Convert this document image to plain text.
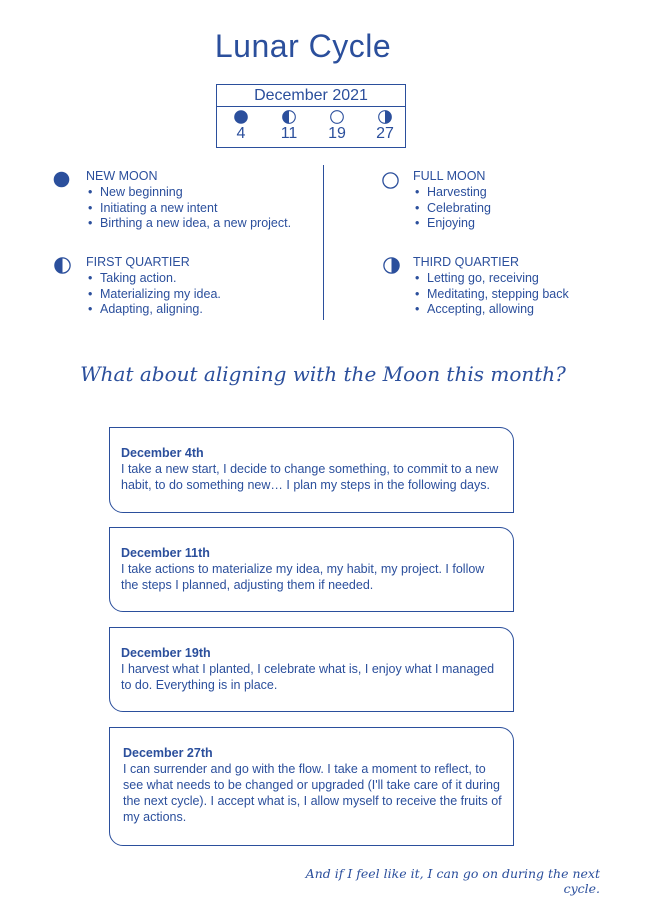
Lunar Cycle
December 2021
4	11	19	27
NEW MOON
• New beginning
• Initiating a new intent
• Birthing a new idea, a new project.
FIRST QUARTIER
• Taking action.
• Materializing my idea.
• Adapting, aligning.
FULL MOON
• Harvesting
• Celebrating
• Enjoying
THIRD QUARTIER
• Letting go, receiving
• Meditating, stepping back
• Accepting, allowing
What about aligning with the Moon this month?
December 4th
I take a new start, I decide to change something, to commit to a new habit, to do something new… I plan my steps in the following days.
December 11th
I take actions to materialize my idea, my habit, my project. I follow the steps I planned, adjusting them if needed.
December 19th
I harvest what I planted, I celebrate what is, I enjoy what I managed to do. Everything is in place.
December 27th
I can surrender and go with the flow. I take a moment to reflect, to see what needs to be changed or upgraded (I'll take care of it during the next cycle). I accept what is, I allow myself to receive the fruits of my actions.
And if I feel like it, I can go on during the next cycle.
